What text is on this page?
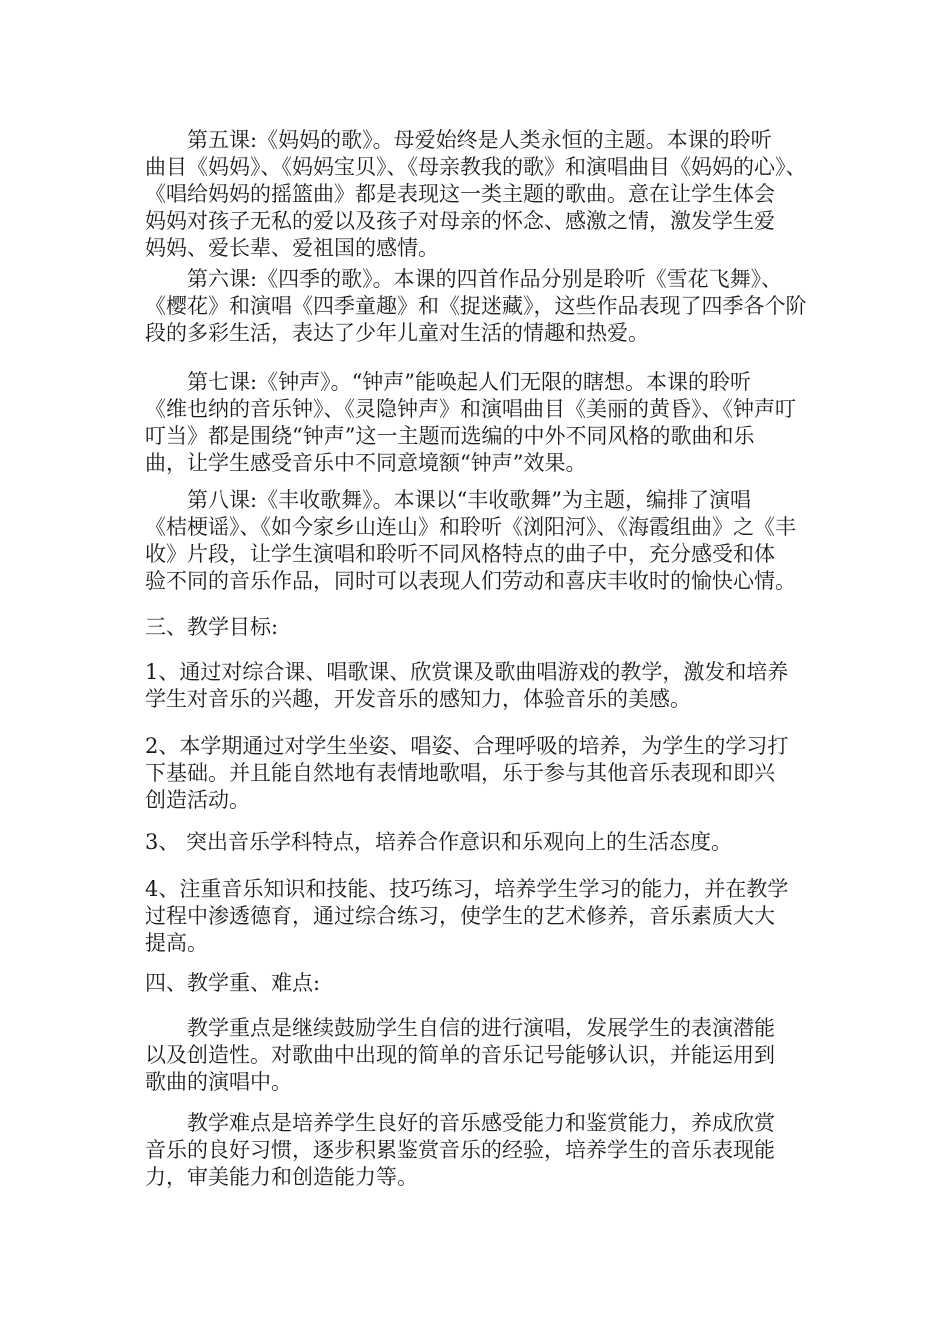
第五课:《妈妈的歌》。母爱始终是人类永恒的主题。本课的聆听
曲目《妈妈》、《妈妈宝贝》、《母亲教我的歌》和演唱曲目《妈妈的心》、
《唱给妈妈的摇篮曲》都是表现这一类主题的歌曲。意在让学生体会
妈妈对孩子无私的爱以及孩子对母亲的怀念、感激之情，激发学生爱
妈妈、爱长辈、爱祖国的感情。
第六课:《四季的歌》。本课的四首作品分别是聆听《雪花飞舞》、
《樱花》和演唱《四季童趣》和《捉迷藏》，这些作品表现了四季各个阶
段的多彩生活，表达了少年儿童对生活的情趣和热爱。
第七课:《钟声》。“钟声”能唤起人们无限的瞎想。本课的聆听
《维也纳的音乐钟》、《灵隐钟声》和演唱曲目《美丽的黄昏》、《钟声叮
叮当》都是围绕“钟声”这一主题而选编的中外不同风格的歌曲和乐
曲，让学生感受音乐中不同意境额“钟声”效果。
第八课:《丰收歌舞》。本课以“丰收歌舞”为主题，编排了演唱
《桔梗谣》、《如今家乡山连山》和聆听《浏阳河》、《海霞组曲》之《丰
收》片段，让学生演唱和聆听不同风格特点的曲子中，充分感受和体
验不同的音乐作品，同时可以表现人们劳动和喜庆丰收时的愉快心情。
三、教学目标:
1、通过对综合课、唱歌课、欣赏课及歌曲唱游戏的教学，激发和培养
学生对音乐的兴趣，开发音乐的感知力，体验音乐的美感。
2、本学期通过对学生坐姿、唱姿、合理呼吸的培养，为学生的学习打
下基础。并且能自然地有表情地歌唱，乐于参与其他音乐表现和即兴
创造活动。
3、 突出音乐学科特点，培养合作意识和乐观向上的生活态度。
4、注重音乐知识和技能、技巧练习，培养学生学习的能力，并在教学
过程中渗透德育，通过综合练习，使学生的艺术修养，音乐素质大大
提高。
四、教学重、难点:
教学重点是继续鼓励学生自信的进行演唱，发展学生的表演潜能
以及创造性。对歌曲中出现的简单的音乐记号能够认识，并能运用到
歌曲的演唱中。
教学难点是培养学生良好的音乐感受能力和鉴赏能力，养成欣赏
音乐的良好习惯，逐步积累鉴赏音乐的经验，培养学生的音乐表现能
力，审美能力和创造能力等。
